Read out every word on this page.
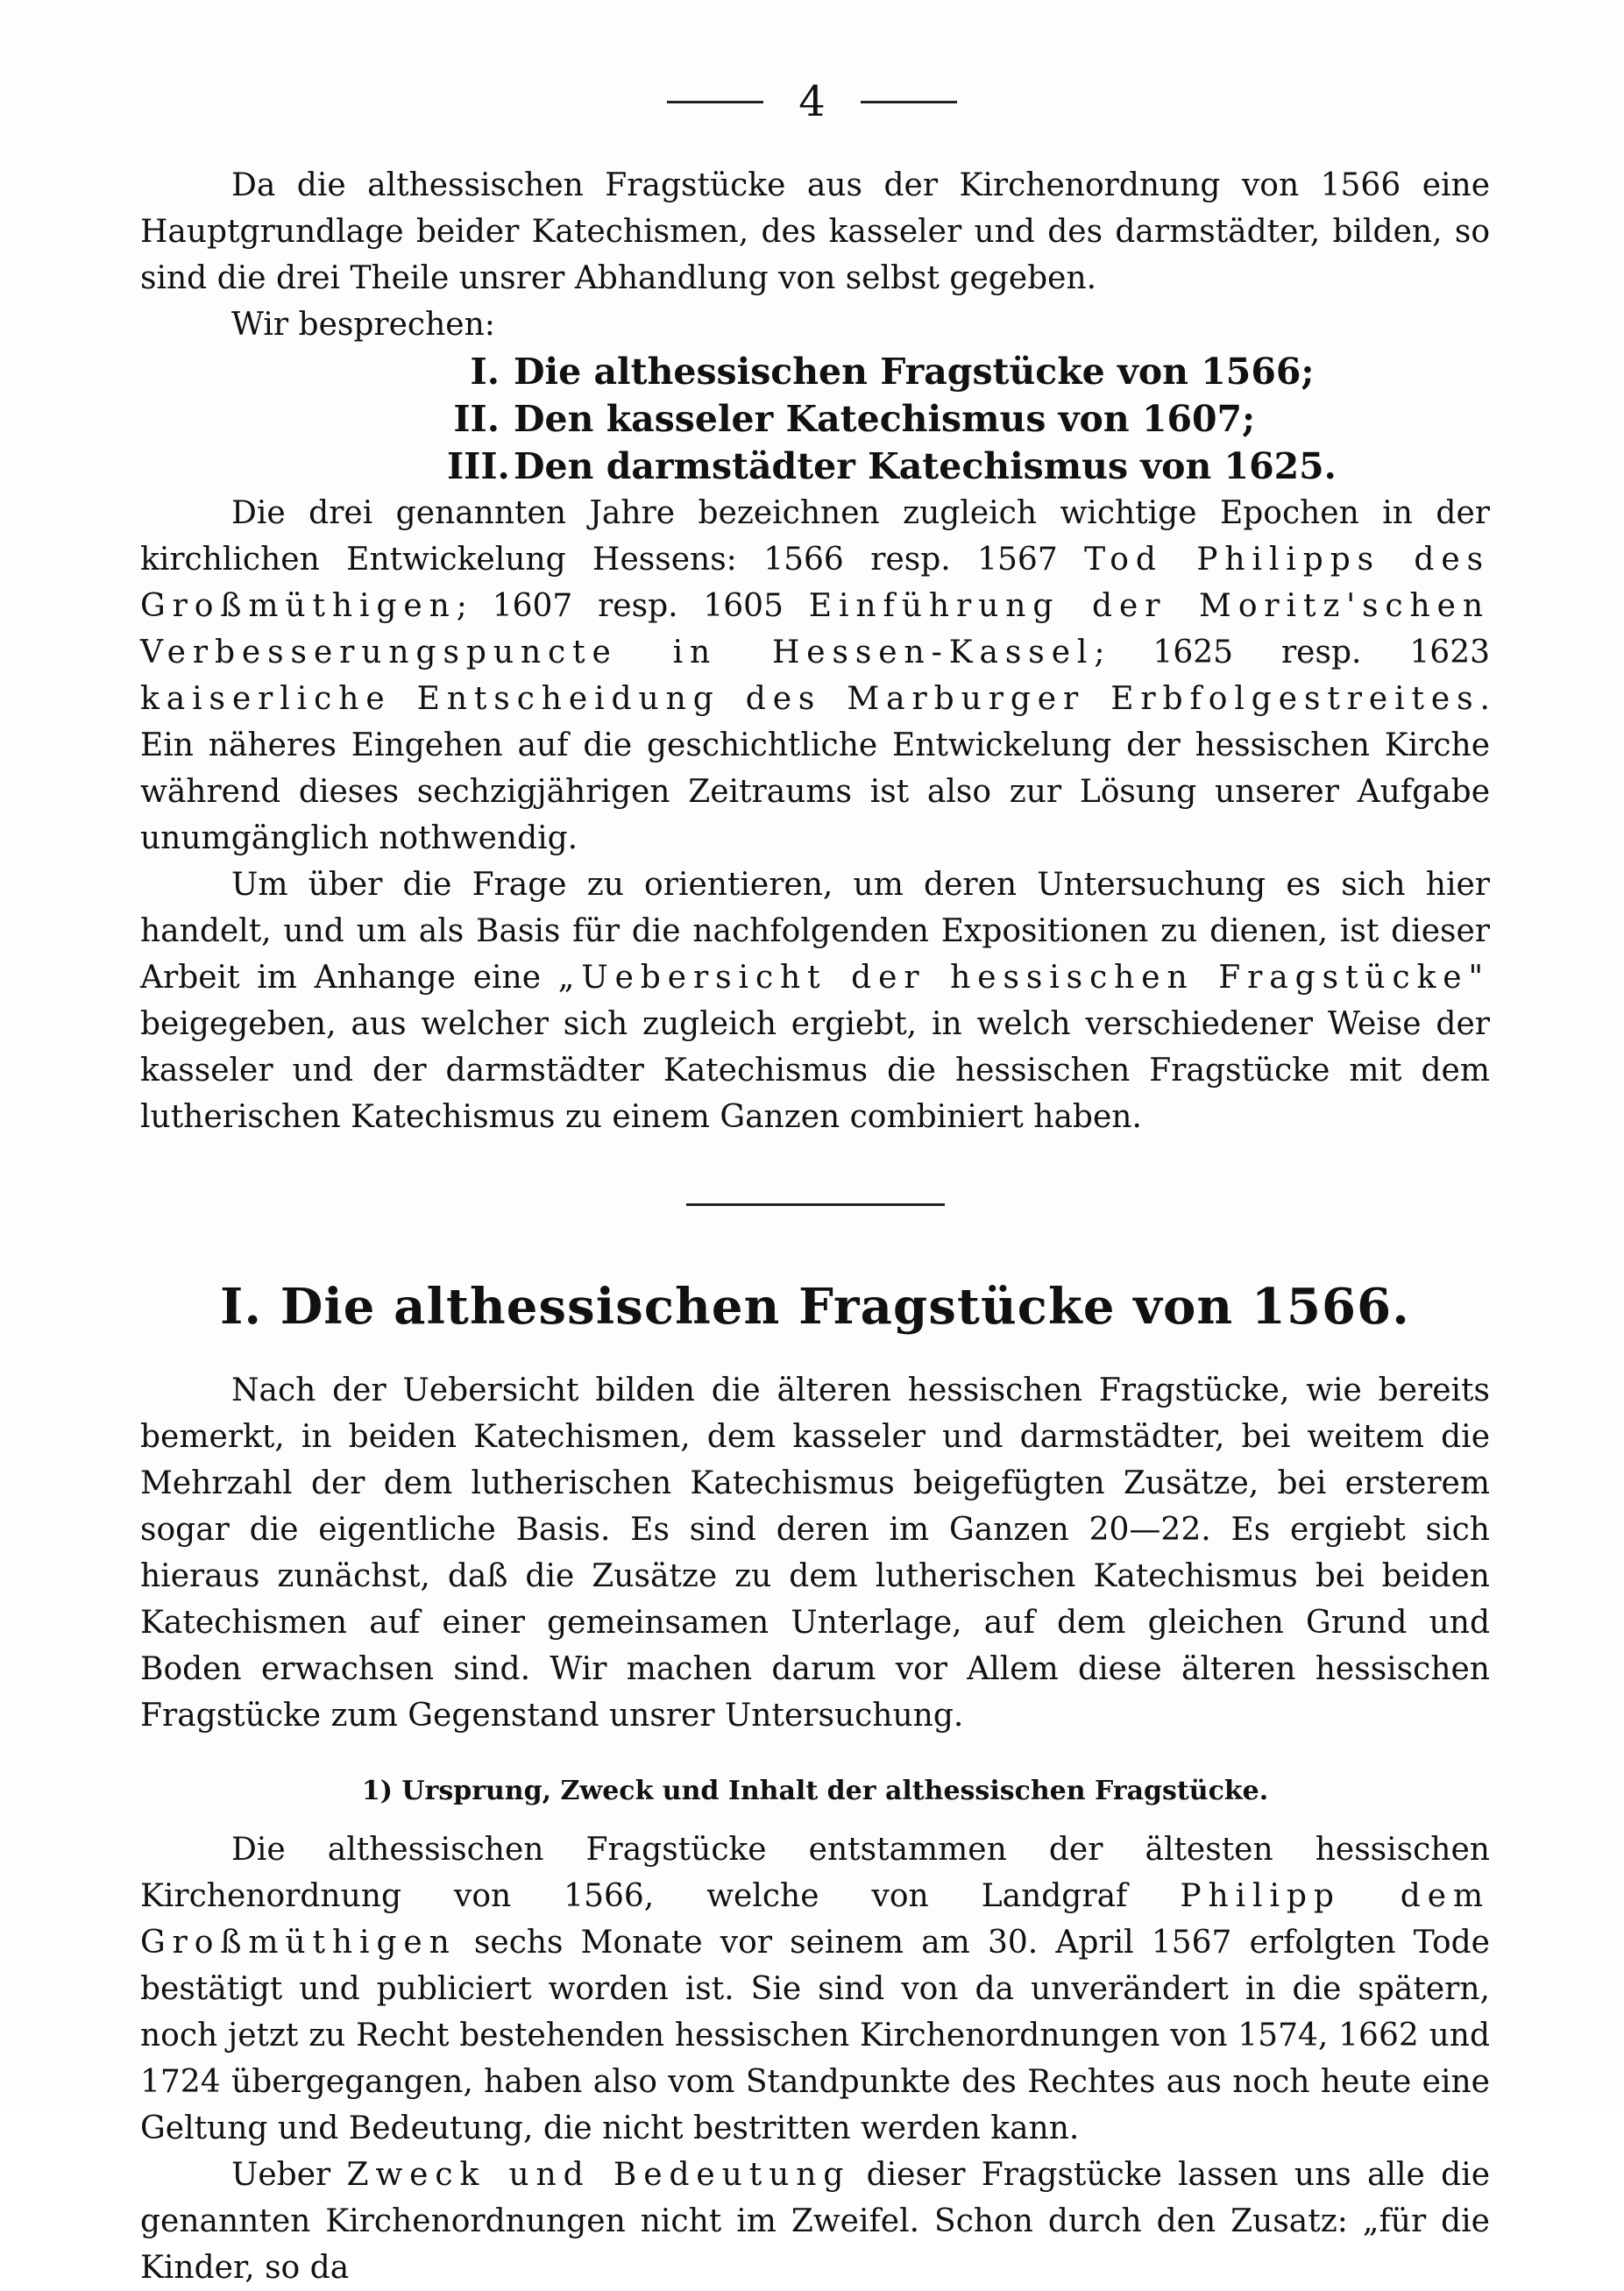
4

Da die althessischen Fragstücke aus der Kirchenordnung von 1566 eine Hauptgrundlage beider Katechismen, des kasseler und des darmstädter, bilden, so sind die drei Theile unsrer Abhandlung von selbst gegeben.

Wir besprechen:

I. Die althessischen Fragstücke von 1566;
II. Den kasseler Katechismus von 1607;
III. Den darmstädter Katechismus von 1625.

Die drei genannten Jahre bezeichnen zugleich wichtige Epochen in der kirchlichen Entwickelung Hessens: 1566 resp. 1567 Tod Philipps des Großmüthigen; 1607 resp. 1605 Einführung der Moritz'schen Verbesserungspuncte in Hessen-Kassel; 1625 resp. 1623 kaiserliche Entscheidung des Marburger Erbfolgestreites. Ein näheres Eingehen auf die geschichtliche Entwickelung der hessischen Kirche während dieses sechzigjährigen Zeitraums ist also zur Lösung unserer Aufgabe unumgänglich nothwendig.

Um über die Frage zu orientieren, um deren Untersuchung es sich hier handelt, und um als Basis für die nachfolgenden Expositionen zu dienen, ist dieser Arbeit im Anhange eine „Uebersicht der hessischen Fragstücke" beigegeben, aus welcher sich zugleich ergiebt, in welch verschiedener Weise der kasseler und der darmstädter Katechismus die hessischen Fragstücke mit dem lutherischen Katechismus zu einem Ganzen combiniert haben.

I. Die althessischen Fragstücke von 1566.

Nach der Uebersicht bilden die älteren hessischen Fragstücke, wie bereits bemerkt, in beiden Katechismen, dem kasseler und darmstädter, bei weitem die Mehrzahl der dem lutherischen Katechismus beigefügten Zusätze, bei ersterem sogar die eigentliche Basis. Es sind deren im Ganzen 20—22. Es ergiebt sich hieraus zunächst, daß die Zusätze zu dem lutherischen Katechismus bei beiden Katechismen auf einer gemeinsamen Unterlage, auf dem gleichen Grund und Boden erwachsen sind. Wir machen darum vor Allem diese älteren hessischen Fragstücke zum Gegenstand unsrer Untersuchung.

1) Ursprung, Zweck und Inhalt der althessischen Fragstücke.

Die althessischen Fragstücke entstammen der ältesten hessischen Kirchenordnung von 1566, welche von Landgraf Philipp dem Großmüthigen sechs Monate vor seinem am 30. April 1567 erfolgten Tode bestätigt und publiciert worden ist. Sie sind von da unverändert in die spätern, noch jetzt zu Recht bestehenden hessischen Kirchenordnungen von 1574, 1662 und 1724 übergegangen, haben also vom Standpunkte des Rechtes aus noch heute eine Geltung und Bedeutung, die nicht bestritten werden kann.

Ueber Zweck und Bedeutung dieser Fragstücke lassen uns alle die genannten Kirchenordnungen nicht im Zweifel. Schon durch den Zusatz: „für die Kinder, so da
